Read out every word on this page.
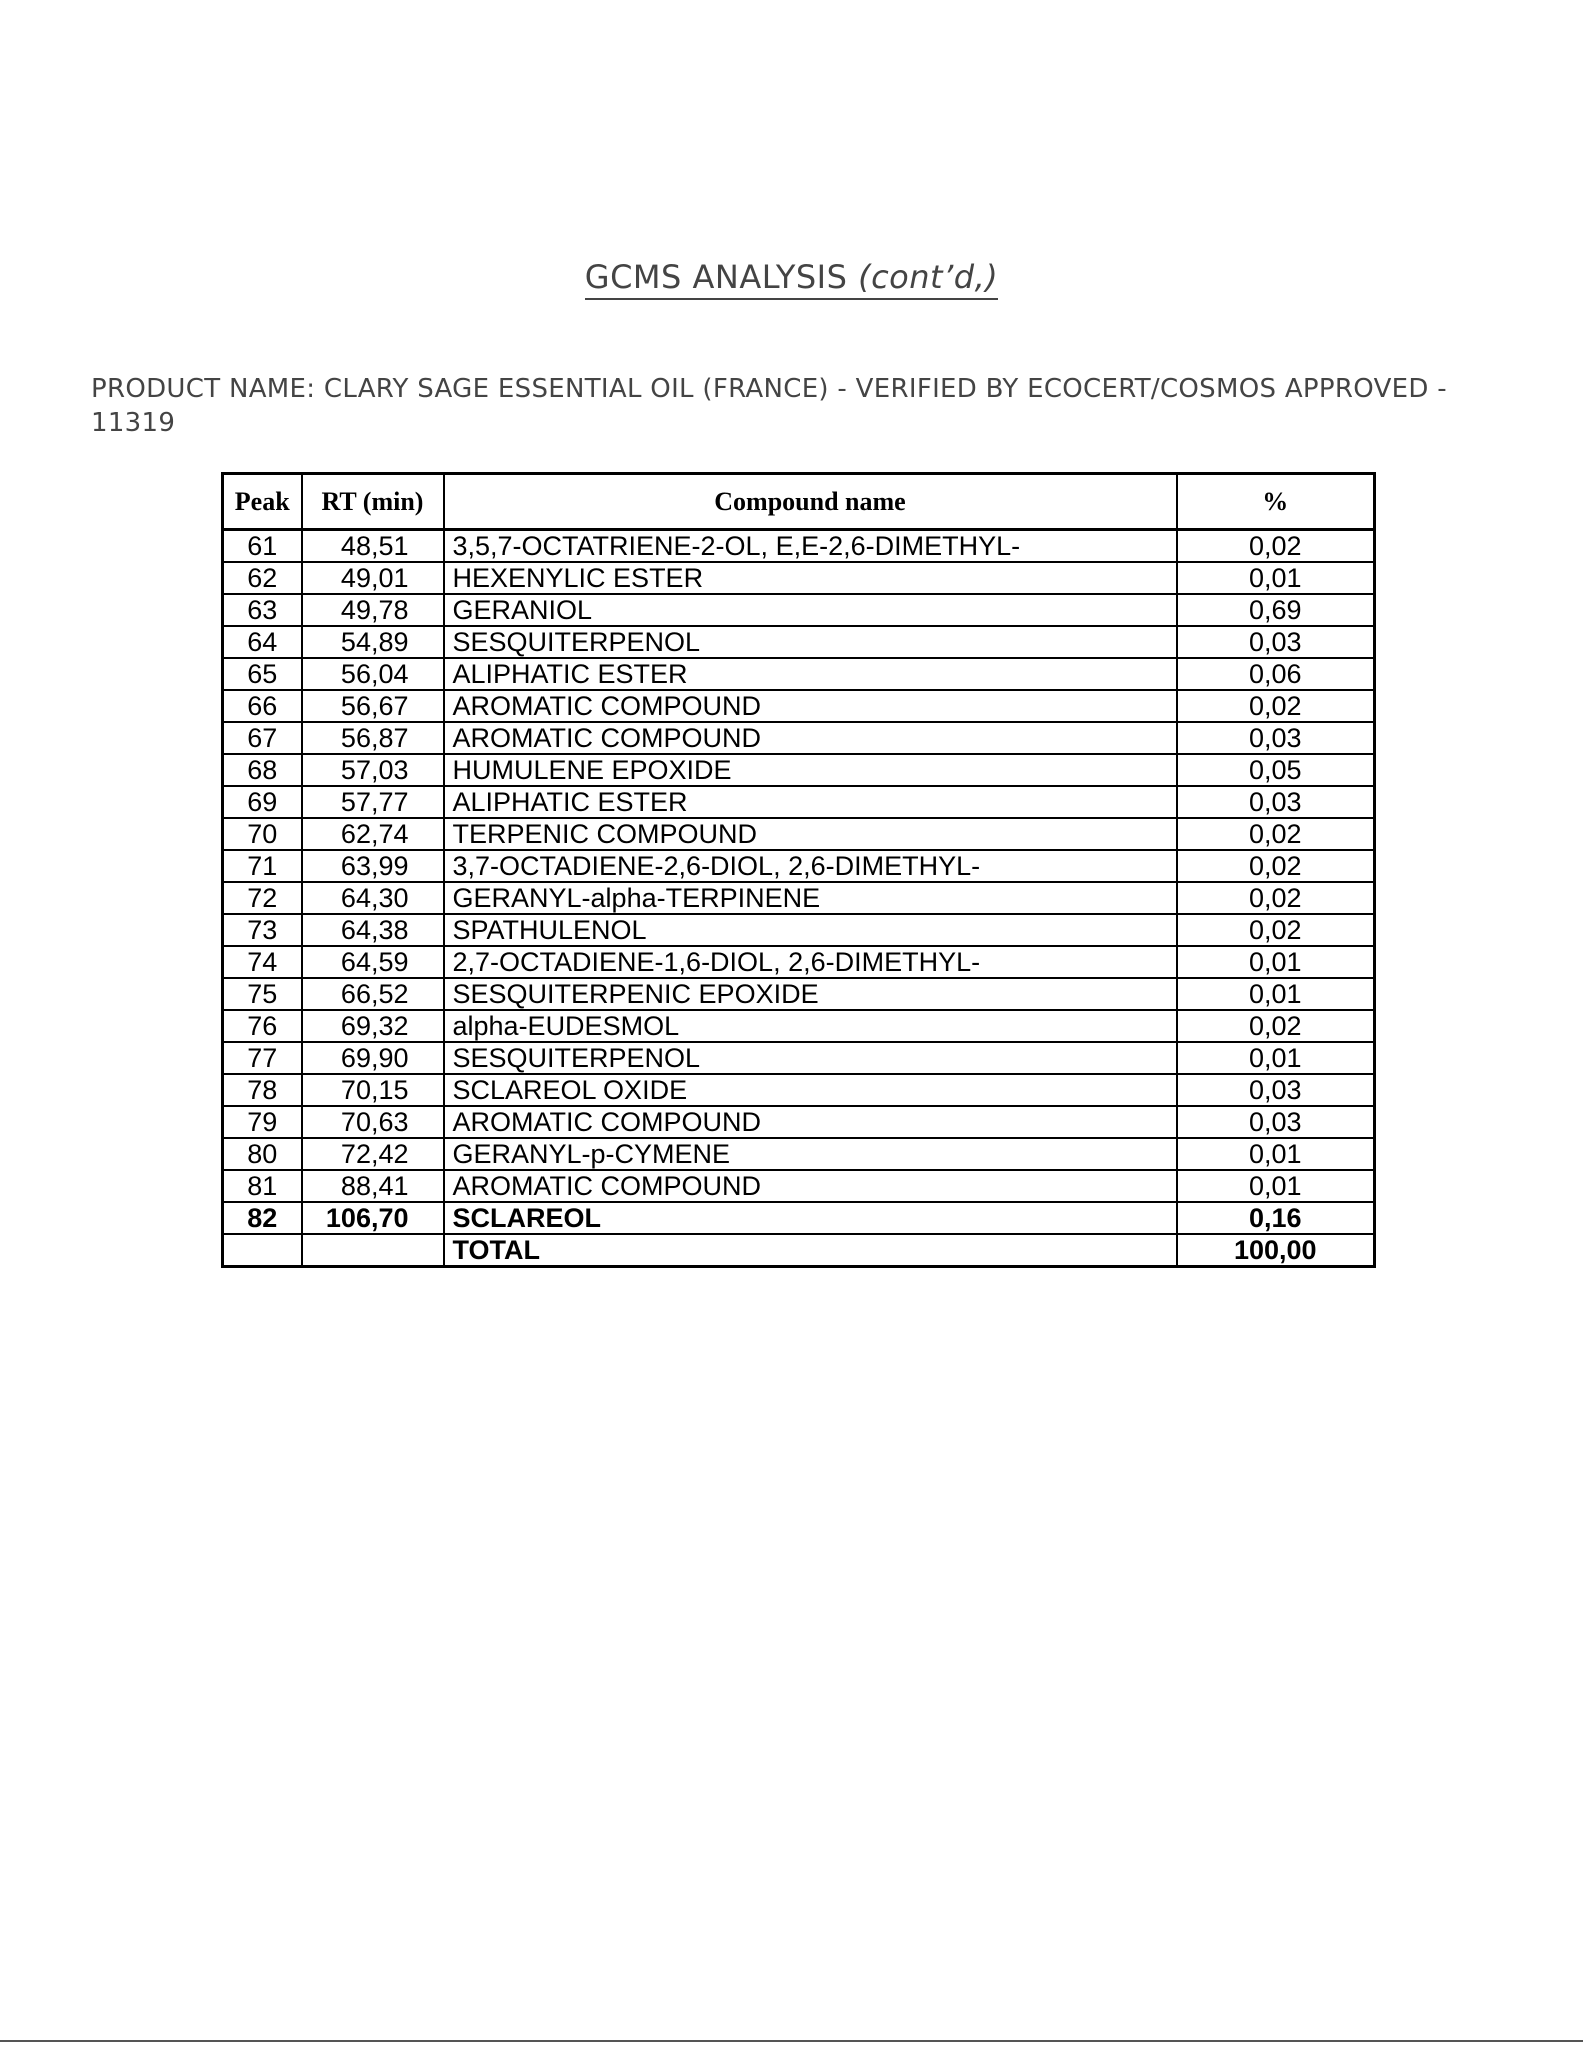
GCMS ANALYSIS (cont’d,)
PRODUCT NAME: CLARY SAGE ESSENTIAL OIL (FRANCE) - VERIFIED BY ECOCERT/COSMOS APPROVED - 11319
Peak	RT (min)	Compound name	%
61	48,51	3,5,7-OCTATRIENE-2-OL, E,E-2,6-DIMETHYL-	0,02
62	49,01	HEXENYLIC ESTER	0,01
63	49,78	GERANIOL	0,69
64	54,89	SESQUITERPENOL	0,03
65	56,04	ALIPHATIC ESTER	0,06
66	56,67	AROMATIC COMPOUND	0,02
67	56,87	AROMATIC COMPOUND	0,03
68	57,03	HUMULENE EPOXIDE	0,05
69	57,77	ALIPHATIC ESTER	0,03
70	62,74	TERPENIC COMPOUND	0,02
71	63,99	3,7-OCTADIENE-2,6-DIOL, 2,6-DIMETHYL-	0,02
72	64,30	GERANYL-alpha-TERPINENE	0,02
73	64,38	SPATHULENOL	0,02
74	64,59	2,7-OCTADIENE-1,6-DIOL, 2,6-DIMETHYL-	0,01
75	66,52	SESQUITERPENIC EPOXIDE	0,01
76	69,32	alpha-EUDESMOL	0,02
77	69,90	SESQUITERPENOL	0,01
78	70,15	SCLAREOL OXIDE	0,03
79	70,63	AROMATIC COMPOUND	0,03
80	72,42	GERANYL-p-CYMENE	0,01
81	88,41	AROMATIC COMPOUND	0,01
82	106,70	SCLAREOL	0,16
		TOTAL	100,00
